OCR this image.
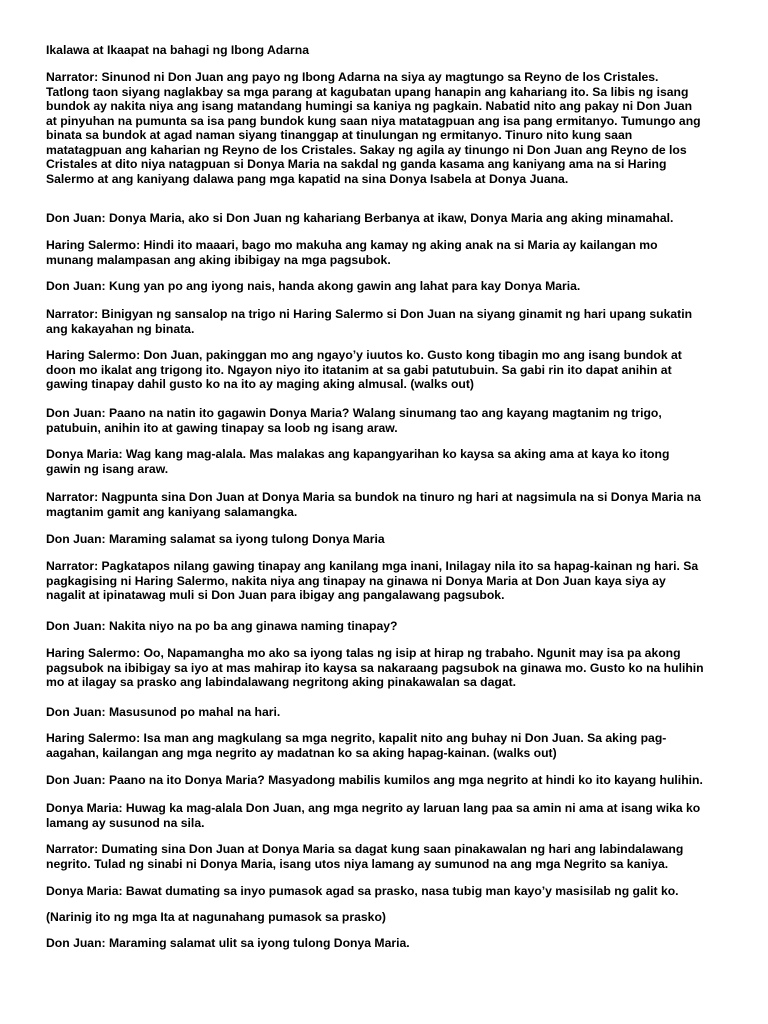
Ikalawa at Ikaapat na bahagi ng Ibong Adarna
Narrator: Sinunod ni Don Juan ang payo ng Ibong Adarna na siya ay magtungo sa Reyno de los Cristales.
Tatlong taon siyang naglakbay sa mga parang at kagubatan upang hanapin ang kahariang ito. Sa libis ng isang
bundok ay nakita niya ang isang matandang humingi sa kaniya ng pagkain. Nabatid nito ang pakay ni Don Juan
at pinyuhan na pumunta sa isa pang bundok kung saan niya matatagpuan ang isa pang ermitanyo. Tumungo ang
binata sa bundok at agad naman siyang tinanggap at tinulungan ng ermitanyo. Tinuro nito kung saan
matatagpuan ang kaharian ng Reyno de los Cristales. Sakay ng agila ay tinungo ni Don Juan ang Reyno de los
Cristales at dito niya natagpuan si Donya Maria na sakdal ng ganda kasama ang kaniyang ama na si Haring
Salermo at ang kaniyang dalawa pang mga kapatid na sina Donya Isabela at Donya Juana.
Don Juan: Donya Maria, ako si Don Juan ng kahariang Berbanya at ikaw, Donya Maria ang aking minamahal.
Haring Salermo: Hindi ito maaari, bago mo makuha ang kamay ng aking anak na si Maria ay kailangan mo
munang malampasan ang aking ibibigay na mga pagsubok.
Don Juan: Kung yan po ang iyong nais, handa akong gawin ang lahat para kay Donya Maria.
Narrator: Binigyan ng sansalop na trigo ni Haring Salermo si Don Juan na siyang ginamit ng hari upang sukatin
ang kakayahan ng binata.
Haring Salermo: Don Juan, pakinggan mo ang ngayo’y iuutos ko. Gusto kong tibagin mo ang isang bundok at
doon mo ikalat ang trigong ito. Ngayon niyo ito itatanim at sa gabi patutubuin. Sa gabi rin ito dapat anihin at
gawing tinapay dahil gusto ko na ito ay maging aking almusal. (walks out)
Don Juan: Paano na natin ito gagawin Donya Maria? Walang sinumang tao ang kayang magtanim ng trigo,
patubuin, anihin ito at gawing tinapay sa loob ng isang araw.
Donya Maria: Wag kang mag-alala. Mas malakas ang kapangyarihan ko kaysa sa aking ama at kaya ko itong
gawin ng isang araw.
Narrator: Nagpunta sina Don Juan at Donya Maria sa bundok na tinuro ng hari at nagsimula na si Donya Maria na
magtanim gamit ang kaniyang salamangka.
Don Juan: Maraming salamat sa iyong tulong Donya Maria
Narrator: Pagkatapos nilang gawing tinapay ang kanilang mga inani, Inilagay nila ito sa hapag-kainan ng hari. Sa
pagkagising ni Haring Salermo, nakita niya ang tinapay na ginawa ni Donya Maria at Don Juan kaya siya ay
nagalit at ipinatawag muli si Don Juan para ibigay ang pangalawang pagsubok.
Don Juan: Nakita niyo na po ba ang ginawa naming tinapay?
Haring Salermo: Oo, Napamangha mo ako sa iyong talas ng isip at hirap ng trabaho. Ngunit may isa pa akong
pagsubok na ibibigay sa iyo at mas mahirap ito kaysa sa nakaraang pagsubok na ginawa mo. Gusto ko na hulihin
mo at ilagay sa prasko ang labindalawang negritong aking pinakawalan sa dagat.
Don Juan: Masusunod po mahal na hari.
Haring Salermo: Isa man ang magkulang sa mga negrito, kapalit nito ang buhay ni Don Juan. Sa aking pag-
aagahan, kailangan ang mga negrito ay madatnan ko sa aking hapag-kainan. (walks out)
Don Juan: Paano na ito Donya Maria? Masyadong mabilis kumilos ang mga negrito at hindi ko ito kayang hulihin.
Donya Maria: Huwag ka mag-alala Don Juan, ang mga negrito ay laruan lang paa sa amin ni ama at isang wika ko
lamang ay susunod na sila.
Narrator: Dumating sina Don Juan at Donya Maria sa dagat kung saan pinakawalan ng hari ang labindalawang
negrito. Tulad ng sinabi ni Donya Maria, isang utos niya lamang ay sumunod na ang mga Negrito sa kaniya.
Donya Maria: Bawat dumating sa inyo pumasok agad sa prasko, nasa tubig man kayo’y masisilab ng galit ko.
(Narinig ito ng mga Ita at nagunahang pumasok sa prasko)
Don Juan: Maraming salamat ulit sa iyong tulong Donya Maria.
